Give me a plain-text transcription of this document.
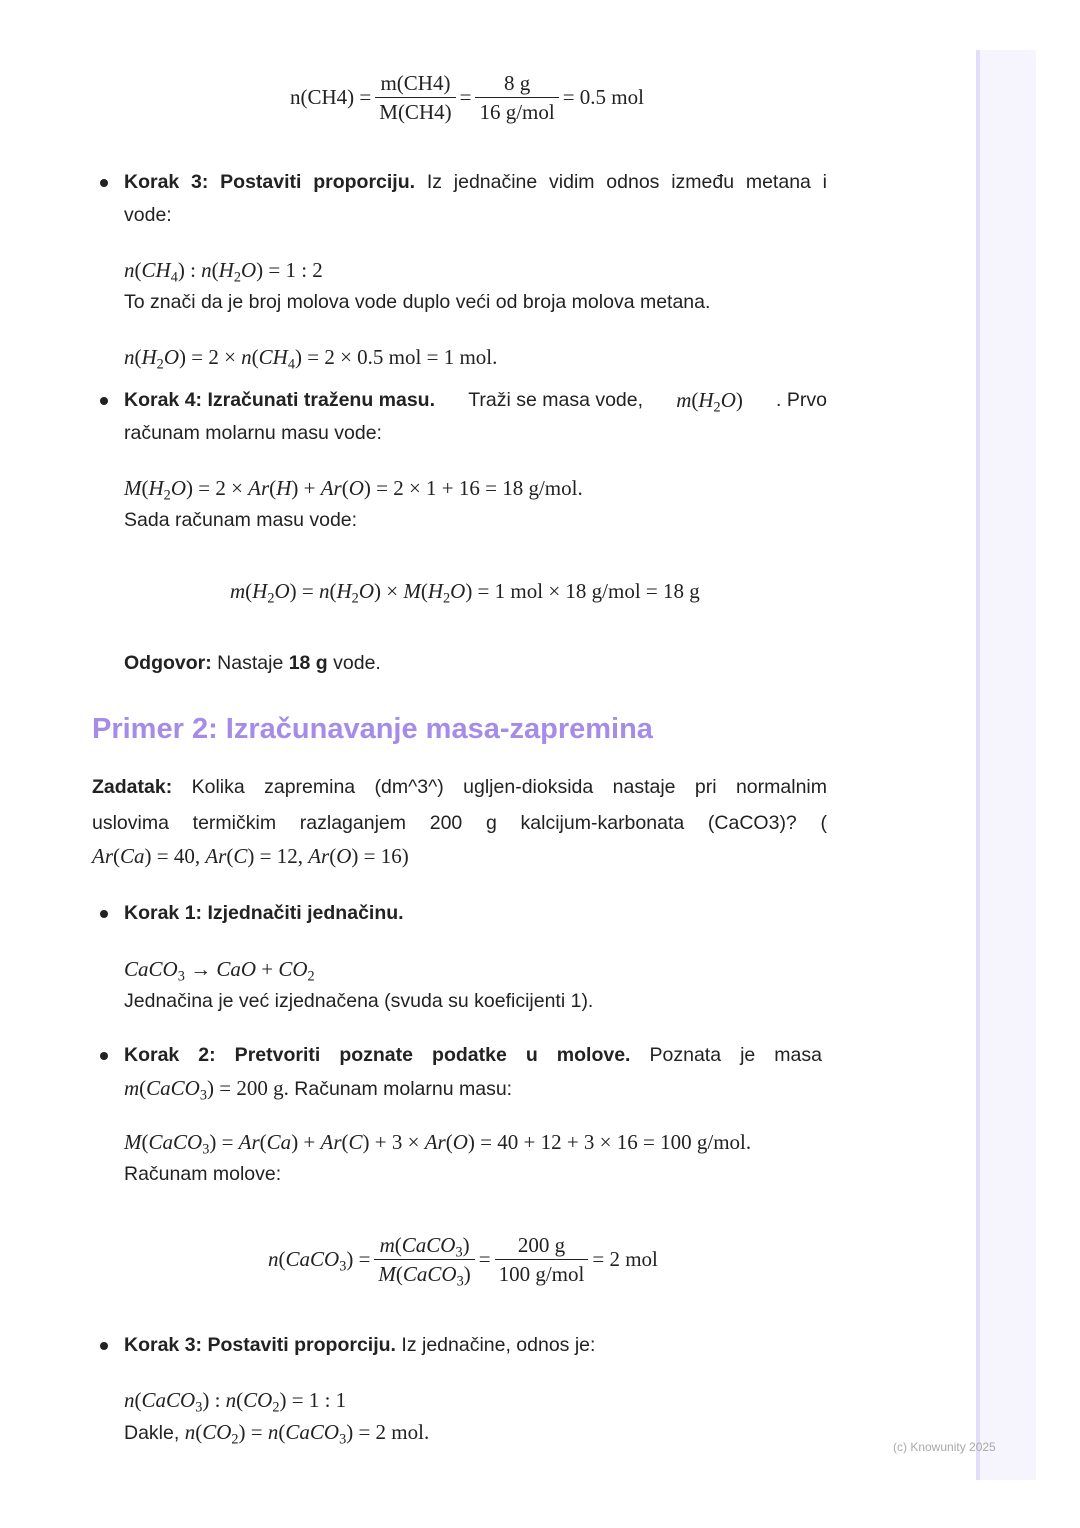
$n(CH4) = \frac{m(CH4)}{M(CH4)} = \frac{8 g}{\text{16 g/mol}} = 0.5$ mol
Korak 3: Postaviti proporciju. Iz jednačine vidim odnos između metana i
vode:
$n(CH_4)$ : $n(H_2O) = 1$ : 2
To znači da je broj molova vode duplo veći od broja molova metana.
$n(H_2O) = 2 \times n(CH_4) = 2 \times 0.5$ mol = 1 mol.
Korak 4: Izračunati traženu masu. Traži se masa vode, $m(H_2O)$ . Prvo
računam molarnu masu vode:
$M(H_2O) = 2 \times Ar(H) + Ar(O) = 2 \times 1 + 16 = 18$ g/mol.
Sada računam masu vode:
$m(H_2O) = n(H_2O) \times M(H_2O) = 1$ mol × 18 g/mol = 18 g
Odgovor: Nastaje 18 g vode.
Primer 2: Izračunavanje masa-zapremina
Zadatak: Kolika zapremina (dm^3^) ugljen-dioksida nastaje pri normalnim
uslovima termičkim razlaganjem 200 g kalcijum-karbonata (CaCO3)? (
Ar(Ca) = 40, Ar(C) = 12, Ar(O) = 16)
Korak 1: Izjednačiti jednačinu.
CaCO$_3$ → CaO + $CO_2$
Jednačina je već izjednačena (svuda su koeficijenti 1).
Korak 2: Pretvoriti poznate podatke u molove. Poznata je masa
m(CaCO$_3$) = 200 g. Računam molarnu masu:
M(CaCO$_3$) = Ar(Ca) + Ar(C) + 3 × Ar(O) = 40 + 12 + 3 × 16 = 100 g/mol.
Računam molove:
n(CaCO$_3$) = $\frac{m(CaCO_3)}{M(CaCO_3)} = \frac{200 g}{\text{100 g/mol}} = 2$ mol
Korak 3: Postaviti proporciju. Iz jednačine, odnos je:
n(CaCO$_3$) : $n(CO_2) = 1$ : 1
Dakle, $n(CO_2)$ = n(CaCO$_3$) = 2 mol.
(c) Knowunity 2025
